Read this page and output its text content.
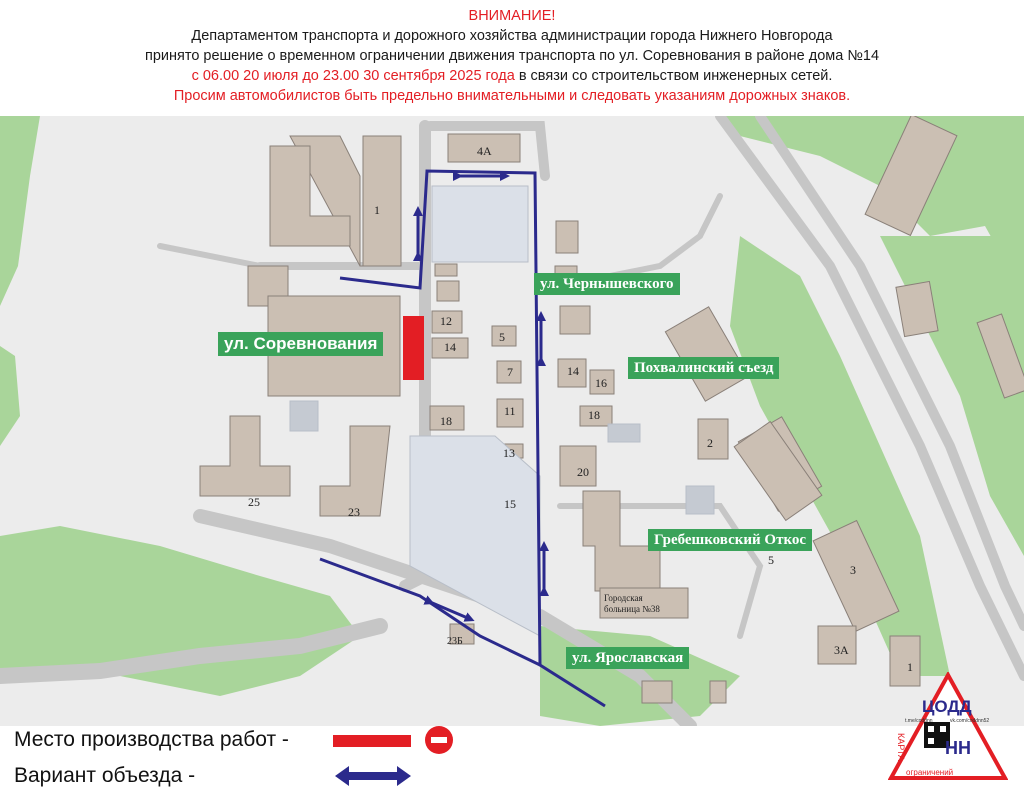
ВНИМАНИЕ!
Департаментом транспорта и дорожного хозяйства администрации города Нижнего Новгорода
принято решение о временном ограничении движения транспорта по ул. Соревнования в районе дома №14
с 06.00 20 июля до 23.00 30 сентября 2025 года в связи со строительством инженерных сетей.
Просим автомобилистов быть предельно внимательными и следовать указаниям дорожных знаков.
ул. Соревнования
ул. Чернышевского
Похвалинский съезд
Гребешковский Откос
ул. Ярославская
4А
1
12
14
5
7
11
13
15
18
25
23
23Б
14
16
18
20
2
5
3
3А
1
Городская
больница №38
Место производства работ -
Вариант объезда -
ЦОДД
НН
КАРТА
ограничений
t.me/coddnn	vk.com/coddnn52
